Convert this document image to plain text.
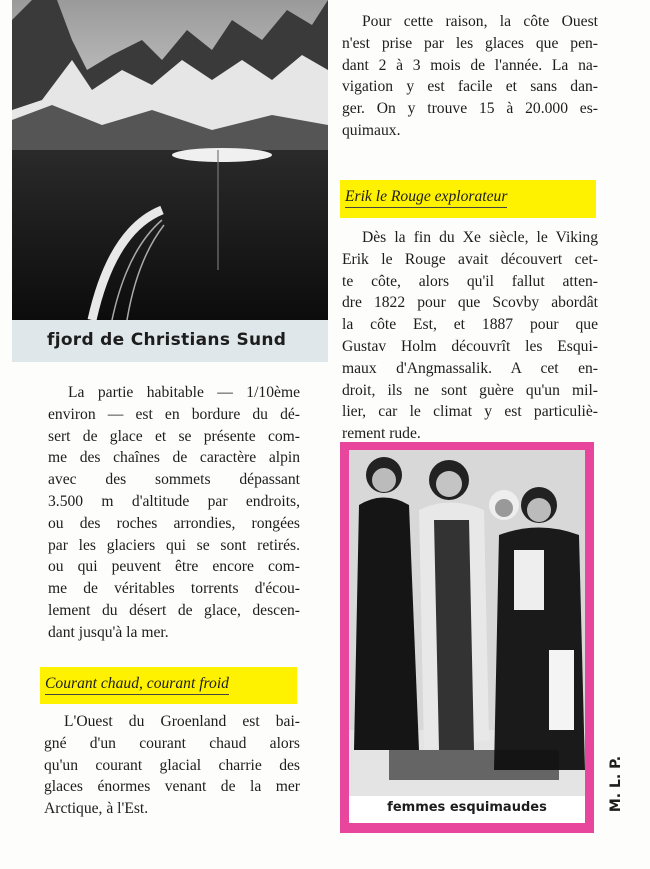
fjord de Christians Sund
La partie habitable — 1/10ème
environ — est en bordure du dé-
sert de glace et se présente com-
me des chaînes de caractère alpin
avec des sommets dépassant
3.500 m d'altitude par endroits,
ou des roches arrondies, rongées
par les glaciers qui se sont retirés.
ou qui peuvent être encore com-
me de véritables torrents d'écou-
lement du désert de glace, descen-
dant jusqu'à la mer.
Courant chaud, courant froid
L'Ouest du Groenland est bai-
gné d'un courant chaud alors
qu'un courant glacial charrie des
glaces énormes venant de la mer
Arctique, à l'Est.
Pour cette raison, la côte Ouest
n'est prise par les glaces que pen-
dant 2 à 3 mois de l'année. La na-
vigation y est facile et sans dan-
ger. On y trouve 15 à 20.000 es-
quimaux.
Erik le Rouge explorateur
Dès la fin du Xe siècle, le Viking
Erik le Rouge avait découvert cet-
te côte, alors qu'il fallut atten-
dre 1822 pour que Scovby abordât
la côte Est, et 1887 pour que
Gustav Holm découvrît les Esqui-
maux d'Angmassalik. A cet en-
droit, ils ne sont guère qu'un mil-
lier, car le climat y est particuliè-
rement rude.
femmes esquimaudes	M. L. P.
